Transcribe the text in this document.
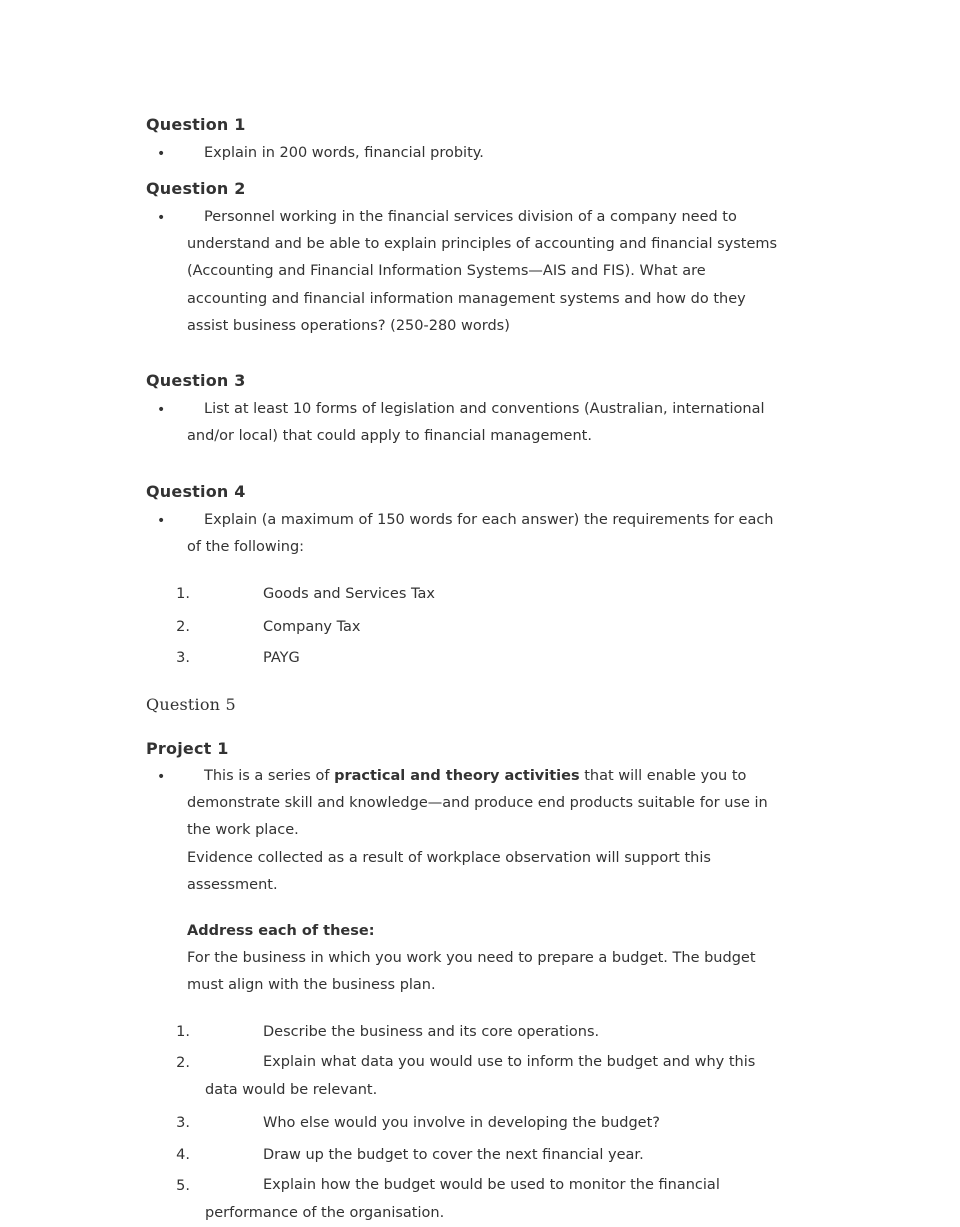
Question 1
•	Explain in 200 words, financial probity.

Question 2
•	Personnel working in the financial services division of a company need to understand and be able to explain principles of accounting and financial systems (Accounting and Financial Information Systems—AIS and FIS). What are accounting and financial information management systems and how do they assist business operations? (250-280 words)

Question 3
•	List at least 10 forms of legislation and conventions (Australian, international and/or local) that could apply to financial management.

Question 4
•	Explain (a maximum of 150 words for each answer) the requirements for each of the following:

1.	Goods and Services Tax
2.	Company Tax
3.	PAYG
Question 5
Project 1
•	This is a series of practical and theory activities that will enable you to demonstrate skill and knowledge—and produce end products suitable for use in the work place.

Evidence collected as a result of workplace observation will support this assessment.

Address each of these:

For the business in which you work you need to prepare a budget. The budget must align with the business plan.

1.	Describe the business and its core operations.
2.	Explain what data you would use to inform the budget and why this data would be relevant.

3.	Who else would you involve in developing the budget?
4.	Draw up the budget to cover the next financial year.
5.	Explain how the budget would be used to monitor the financial performance of the organisation.
